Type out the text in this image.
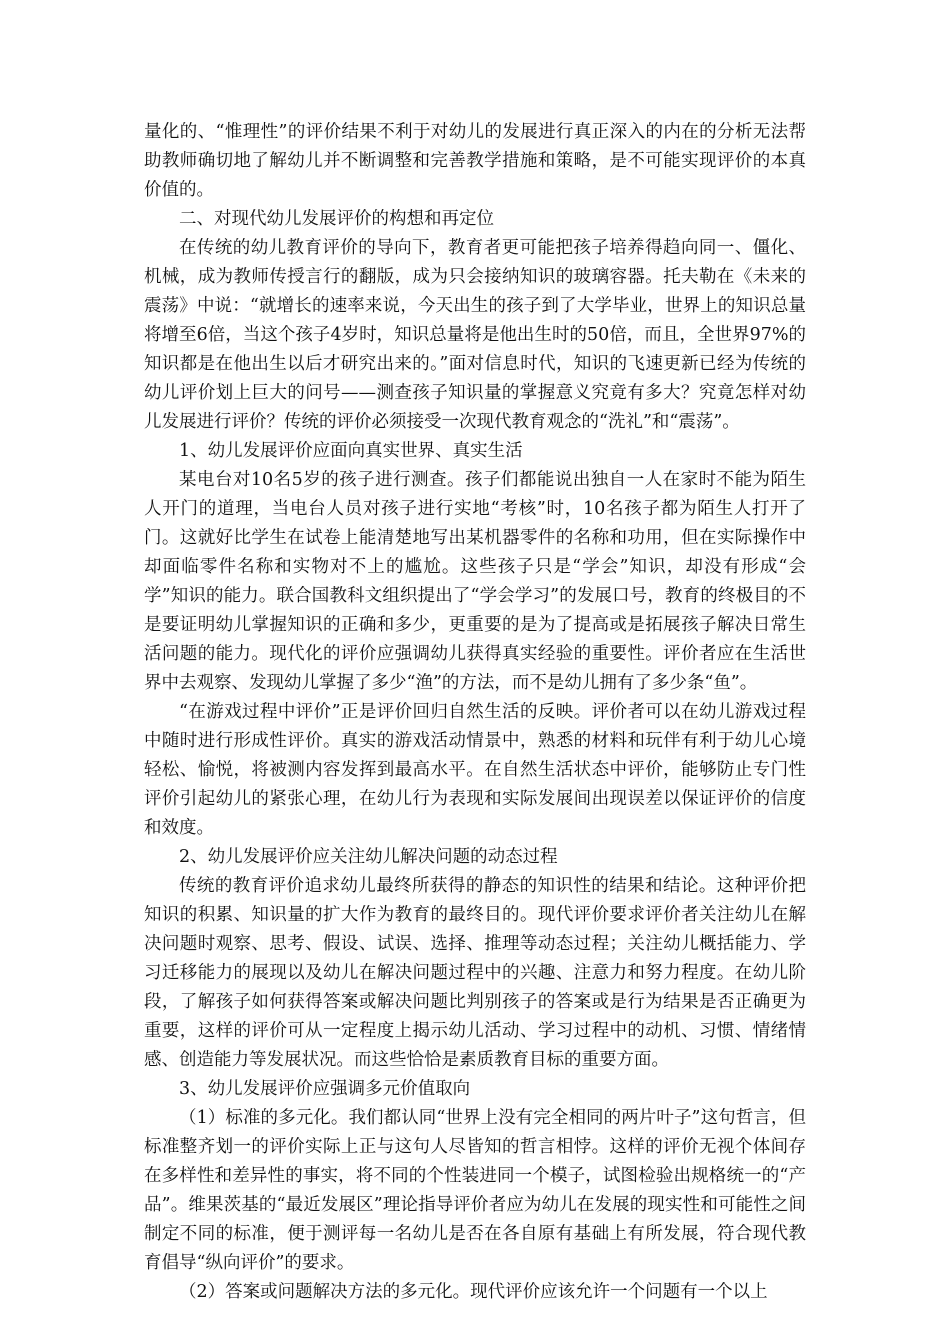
量化的、“惟理性”的评价结果不利于对幼儿的发展进行真正深入的内在的分析无法帮助教师确切地了解幼儿并不断调整和完善教学措施和策略，是不可能实现评价的本真价值的。

二、对现代幼儿发展评价的构想和再定位

在传统的幼儿教育评价的导向下，教育者更可能把孩子培养得趋向同一、僵化、机械，成为教师传授言行的翻版，成为只会接纳知识的玻璃容器。托夫勒在《未来的震荡》中说：“就增长的速率来说，今天出生的孩子到了大学毕业，世界上的知识总量将增至6倍，当这个孩子4岁时，知识总量将是他出生时的50倍，而且，全世界97%的知识都是在他出生以后才研究出来的。”面对信息时代，知识的飞速更新已经为传统的幼儿评价划上巨大的问号——测查孩子知识量的掌握意义究竟有多大？究竟怎样对幼儿发展进行评价？传统的评价必须接受一次现代教育观念的“洗礼”和“震荡”。

1、幼儿发展评价应面向真实世界、真实生活

某电台对10名5岁的孩子进行测查。孩子们都能说出独自一人在家时不能为陌生人开门的道理，当电台人员对孩子进行实地“考核”时，10名孩子都为陌生人打开了门。这就好比学生在试卷上能清楚地写出某机器零件的名称和功用，但在实际操作中却面临零件名称和实物对不上的尴尬。这些孩子只是“学会”知识，却没有形成“会学”知识的能力。联合国教科文组织提出了“学会学习”的发展口号，教育的终极目的不是要证明幼儿掌握知识的正确和多少，更重要的是为了提高或是拓展孩子解决日常生活问题的能力。现代化的评价应强调幼儿获得真实经验的重要性。评价者应在生活世界中去观察、发现幼儿掌握了多少“渔”的方法，而不是幼儿拥有了多少条“鱼”。

“在游戏过程中评价”正是评价回归自然生活的反映。评价者可以在幼儿游戏过程中随时进行形成性评价。真实的游戏活动情景中，熟悉的材料和玩伴有利于幼儿心境轻松、愉悦，将被测内容发挥到最高水平。在自然生活状态中评价，能够防止专门性评价引起幼儿的紧张心理，在幼儿行为表现和实际发展间出现误差以保证评价的信度和效度。

2、幼儿发展评价应关注幼儿解决问题的动态过程

传统的教育评价追求幼儿最终所获得的静态的知识性的结果和结论。这种评价把知识的积累、知识量的扩大作为教育的最终目的。现代评价要求评价者关注幼儿在解决问题时观察、思考、假设、试误、选择、推理等动态过程；关注幼儿概括能力、学习迁移能力的展现以及幼儿在解决问题过程中的兴趣、注意力和努力程度。在幼儿阶段，了解孩子如何获得答案或解决问题比判别孩子的答案或是行为结果是否正确更为重要，这样的评价可从一定程度上揭示幼儿活动、学习过程中的动机、习惯、情绪情感、创造能力等发展状况。而这些恰恰是素质教育目标的重要方面。

3、幼儿发展评价应强调多元价值取向

（1）标准的多元化。我们都认同“世界上没有完全相同的两片叶子”这句哲言，但标准整齐划一的评价实际上正与这句人尽皆知的哲言相悖。这样的评价无视个体间存在多样性和差异性的事实，将不同的个性装进同一个模子，试图检验出规格统一的“产品”。维果茨基的“最近发展区”理论指导评价者应为幼儿在发展的现实性和可能性之间制定不同的标准，便于测评每一名幼儿是否在各自原有基础上有所发展，符合现代教育倡导“纵向评价”的要求。

（2）答案或问题解决方法的多元化。现代评价应该允许一个问题有一个以上
